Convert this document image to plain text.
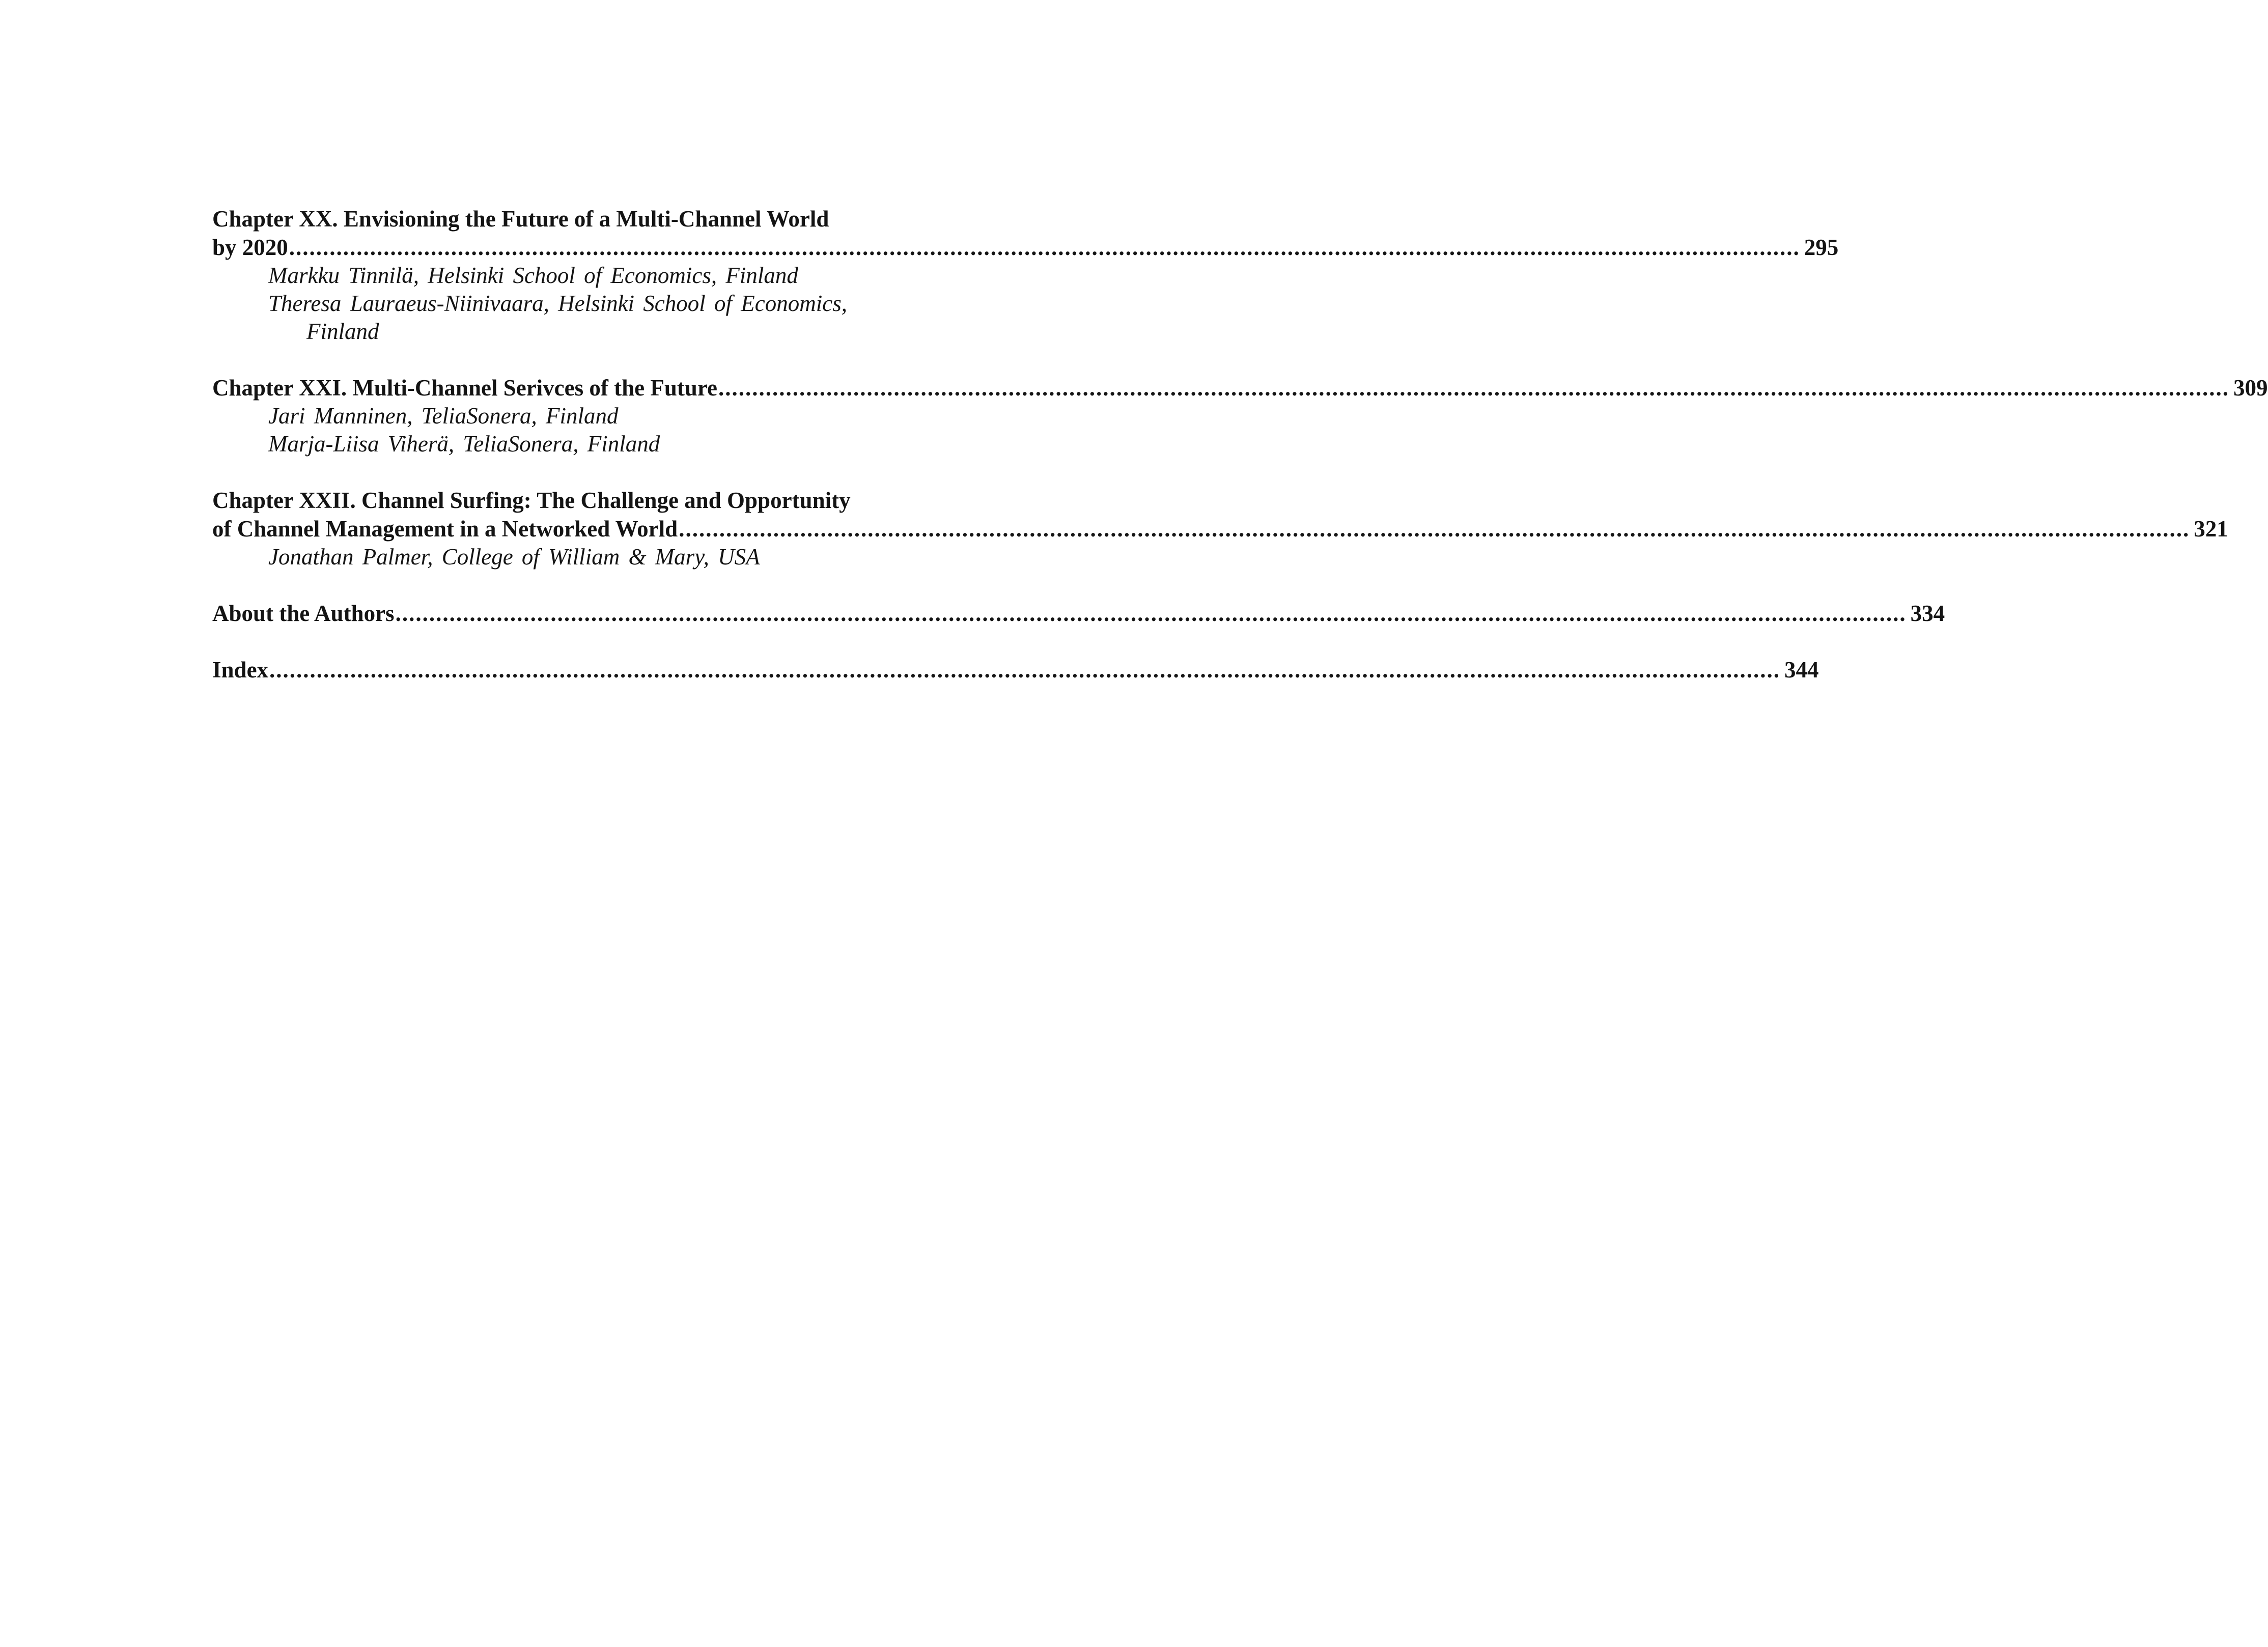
Chapter XX. Envisioning the Future of a Multi-Channel World
by 2020 ................................................................................................................................................................................................................................ 295
Markku Tinnilä, Helsinki School of Economics, Finland
Theresa Lauraeus-Niinivaara, Helsinki School of Economics,
Finland
Chapter XXI. Multi-Channel Serivces of the Future ................................................................................................................................................................................................................................ 309
Jari Manninen, TeliaSonera, Finland
Marja-Liisa Viherä, TeliaSonera, Finland
Chapter XXII. Channel Surfing: The Challenge and Opportunity
of Channel Management in a Networked World ................................................................................................................................................................................................................................ 321
Jonathan Palmer, College of William & Mary, USA
About the Authors ................................................................................................................................................................................................................................ 334
Index ................................................................................................................................................................................................................................ 344
